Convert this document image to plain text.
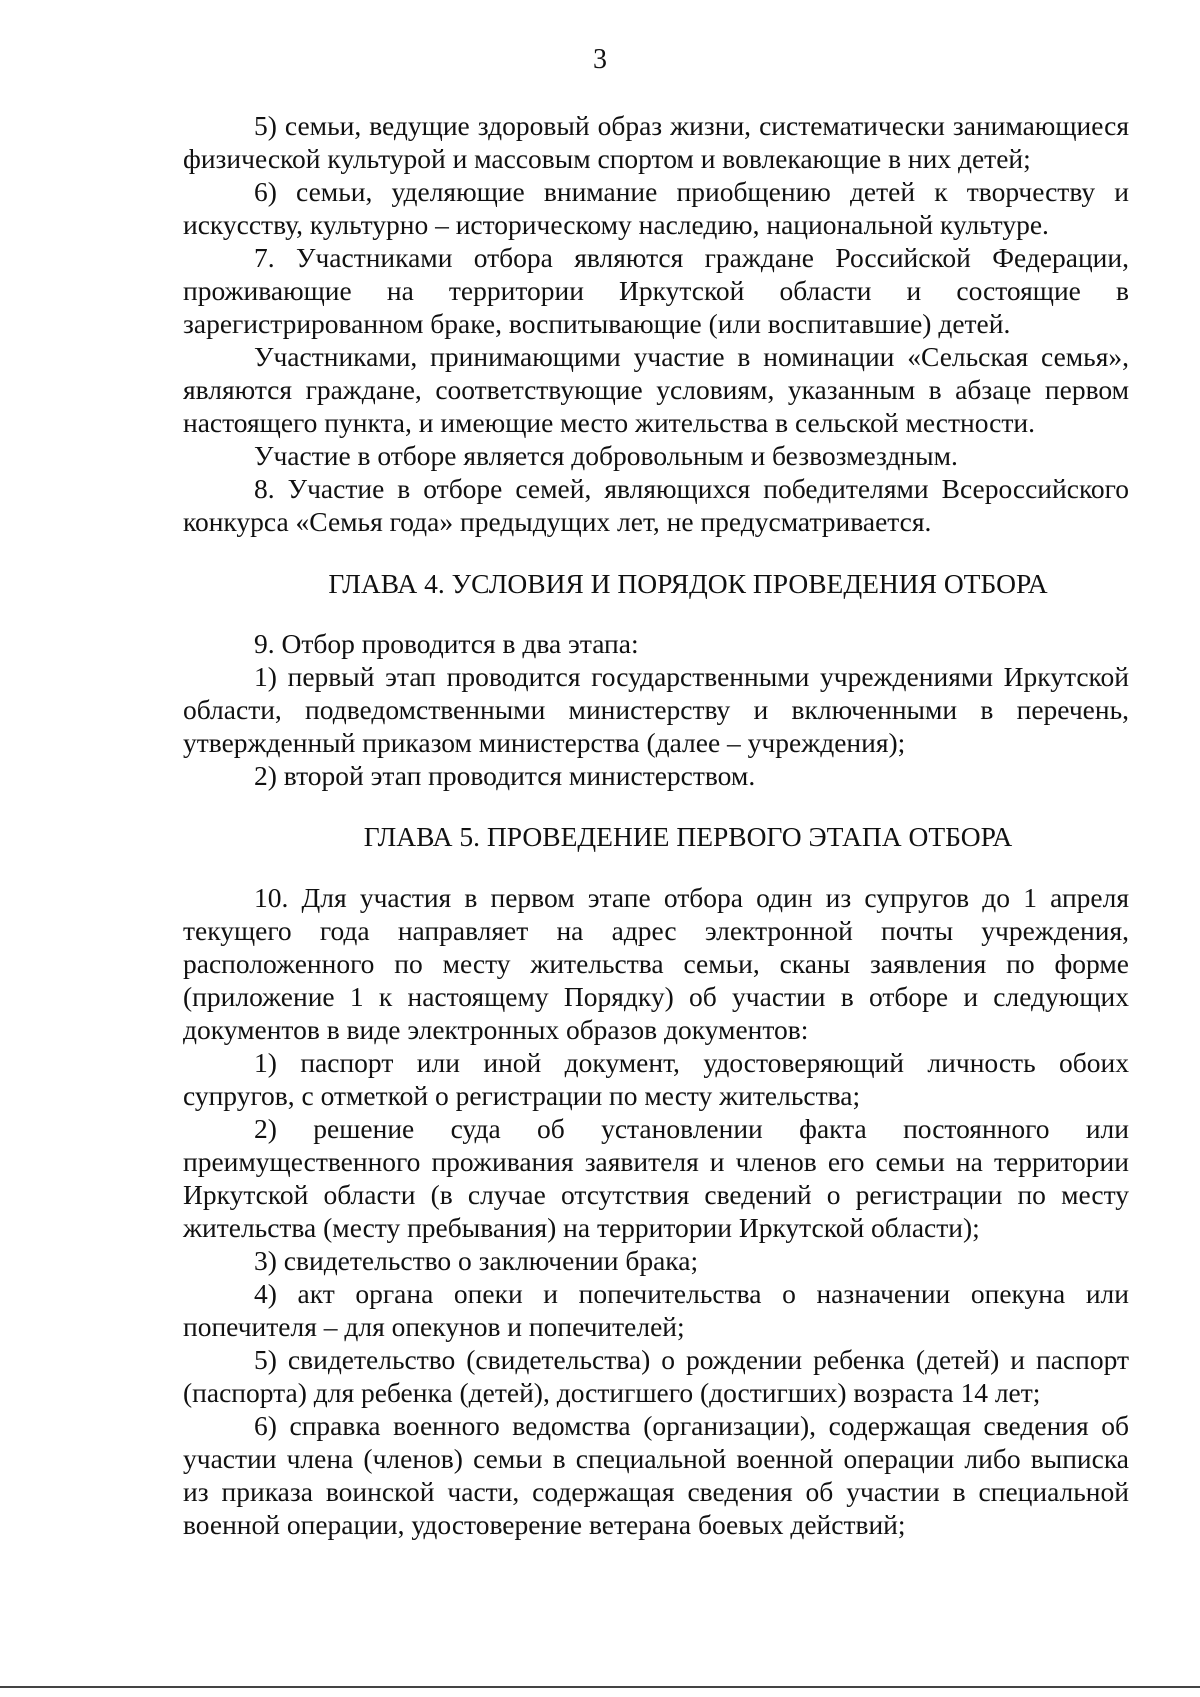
3

5) семьи, ведущие здоровый образ жизни, систематически занимающиеся физической культурой и массовым спортом и вовлекающие в них детей;

6) семьи, уделяющие внимание приобщению детей к творчеству и искусству, культурно – историческому наследию, национальной культуре.

7. Участниками отбора являются граждане Российской Федерации, проживающие на территории Иркутской области и состоящие в зарегистрированном браке, воспитывающие (или воспитавшие) детей.

Участниками, принимающими участие в номинации «Сельская семья», являются граждане, соответствующие условиям, указанным в абзаце первом настоящего пункта, и имеющие место жительства в сельской местности.

Участие в отборе является добровольным и безвозмездным.

8. Участие в отборе семей, являющихся победителями Всероссийского конкурса «Семья года» предыдущих лет, не предусматривается.

ГЛАВА 4. УСЛОВИЯ И ПОРЯДОК ПРОВЕДЕНИЯ ОТБОРА

9. Отбор проводится в два этапа:

1) первый этап проводится государственными учреждениями Иркутской области, подведомственными министерству и включенными в перечень, утвержденный приказом министерства (далее – учреждения);

2) второй этап проводится министерством.

ГЛАВА 5. ПРОВЕДЕНИЕ ПЕРВОГО ЭТАПА ОТБОРА

10. Для участия в первом этапе отбора один из супругов до 1 апреля текущего года направляет на адрес электронной почты учреждения, расположенного по месту жительства семьи, сканы заявления по форме (приложение 1 к настоящему Порядку) об участии в отборе и следующих документов в виде электронных образов документов:

1) паспорт или иной документ, удостоверяющий личность обоих супругов, с отметкой о регистрации по месту жительства;

2) решение суда об установлении факта постоянного или преимущественного проживания заявителя и членов его семьи на территории Иркутской области (в случае отсутствия сведений о регистрации по месту жительства (месту пребывания) на территории Иркутской области);

3) свидетельство о заключении брака;

4) акт органа опеки и попечительства о назначении опекуна или попечителя – для опекунов и попечителей;

5) свидетельство (свидетельства) о рождении ребенка (детей) и паспорт (паспорта) для ребенка (детей), достигшего (достигших) возраста 14 лет;

6) справка военного ведомства (организации), содержащая сведения об участии члена (членов) семьи в специальной военной операции либо выписка из приказа воинской части, содержащая сведения об участии в специальной военной операции, удостоверение ветерана боевых действий;
